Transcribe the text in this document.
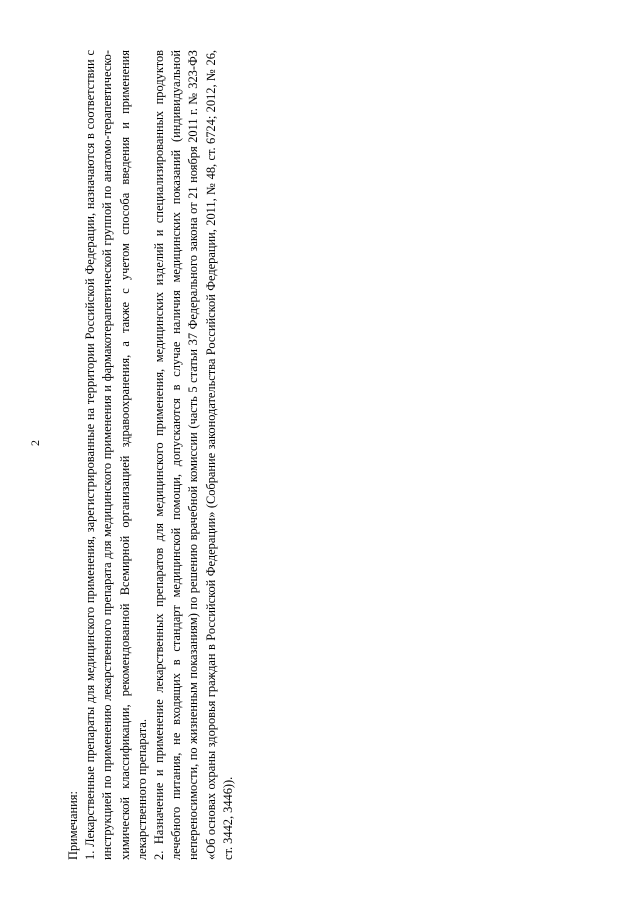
2

Примечания: 1. Лекарственные препараты для медицинского применения, зарегистрированные на территории Российской Федерации, назначаются в соответствии с инструкцией по применению лекарственного препарата для медицинского применения и фармакотерапевтической группой по анатомо-терапевтическо-химической классификации, рекомендованной Всемирной организацией здравоохранения, а также с учетом способа введения и применения лекарственного препарата. 2. Назначение и применение лекарственных препаратов для медицинского применения, медицинских изделий и специализированных продуктов лечебного питания, не входящих в стандарт медицинской помощи, допускаются в случае наличия медицинских показаний (индивидуальной непереносимости, по жизненным показаниям) по решению врачебной комиссии (часть 5 статьи 37 Федерального закона от 21 ноября 2011 г. № 323-ФЗ «Об основах охраны здоровья граждан в Российской Федерации» (Собрание законодательства Российской Федерации, 2011, № 48, ст. 6724; 2012, № 26, ст. 3442, 3446)).
